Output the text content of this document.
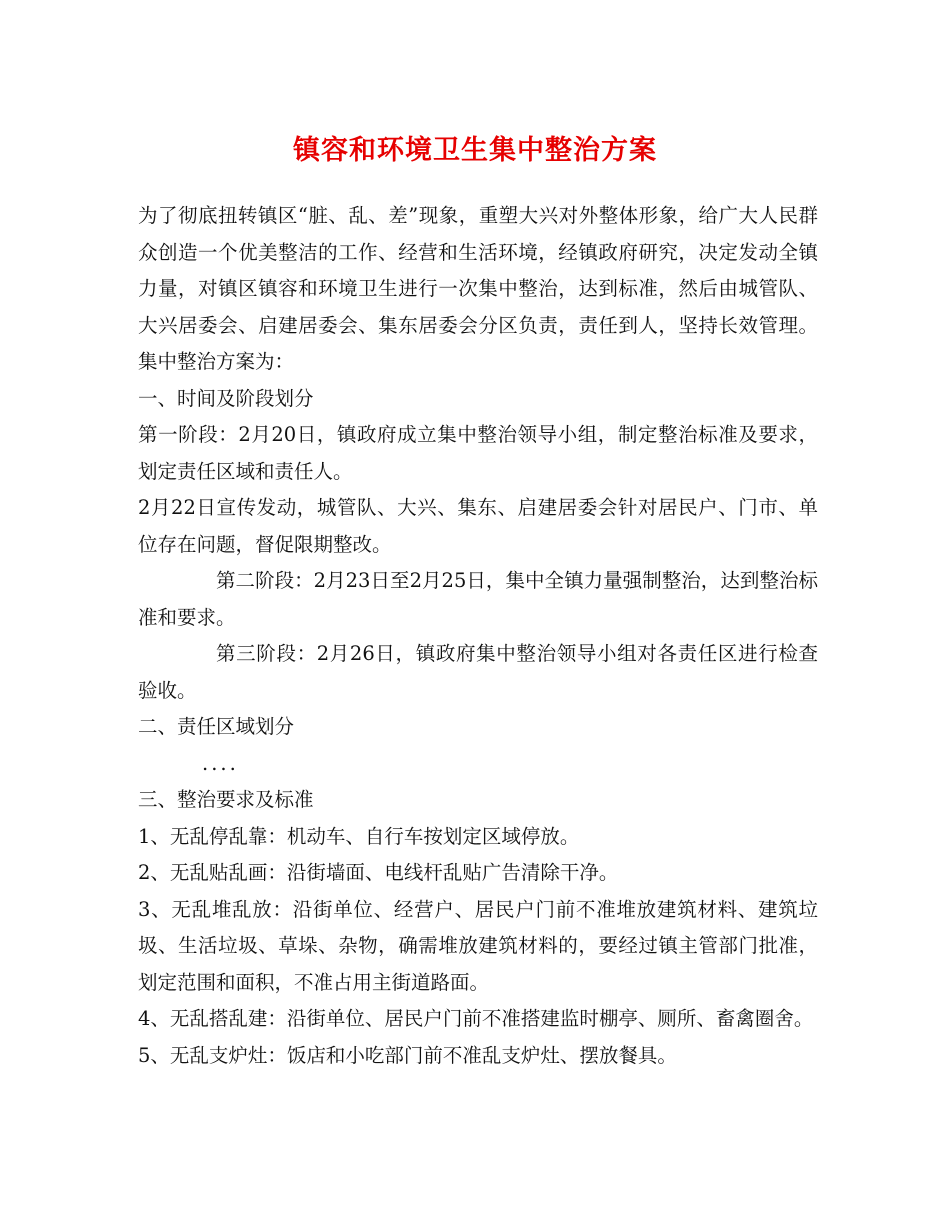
镇容和环境卫生集中整治方案

为了彻底扭转镇区“脏、乱、差”现象，重塑大兴对外整体形象，给广大人民群众创造一个优美整洁的工作、经营和生活环境，经镇政府研究，决定发动全镇力量，对镇区镇容和环境卫生进行一次集中整治，达到标准，然后由城管队、大兴居委会、启建居委会、集东居委会分区负责，责任到人，坚持长效管理。集中整治方案为：

一、时间及阶段划分

第一阶段：2月20日，镇政府成立集中整治领导小组，制定整治标准及要求，划定责任区域和责任人。

2月22日宣传发动，城管队、大兴、集东、启建居委会针对居民户、门市、单位存在问题，督促限期整改。

第二阶段：2月23日至2月25日，集中全镇力量强制整治，达到整治标准和要求。

第三阶段：2月26日，镇政府集中整治领导小组对各责任区进行检查验收。

二、责任区域划分

....

三、整治要求及标准

1、无乱停乱靠：机动车、自行车按划定区域停放。

2、无乱贴乱画：沿街墙面、电线杆乱贴广告清除干净。

3、无乱堆乱放：沿街单位、经营户、居民户门前不准堆放建筑材料、建筑垃圾、生活垃圾、草垛、杂物，确需堆放建筑材料的，要经过镇主管部门批准，划定范围和面积，不准占用主街道路面。

4、无乱搭乱建：沿街单位、居民户门前不准搭建监时棚亭、厕所、畜禽圈舍。

5、无乱支炉灶：饭店和小吃部门前不准乱支炉灶、摆放餐具。
